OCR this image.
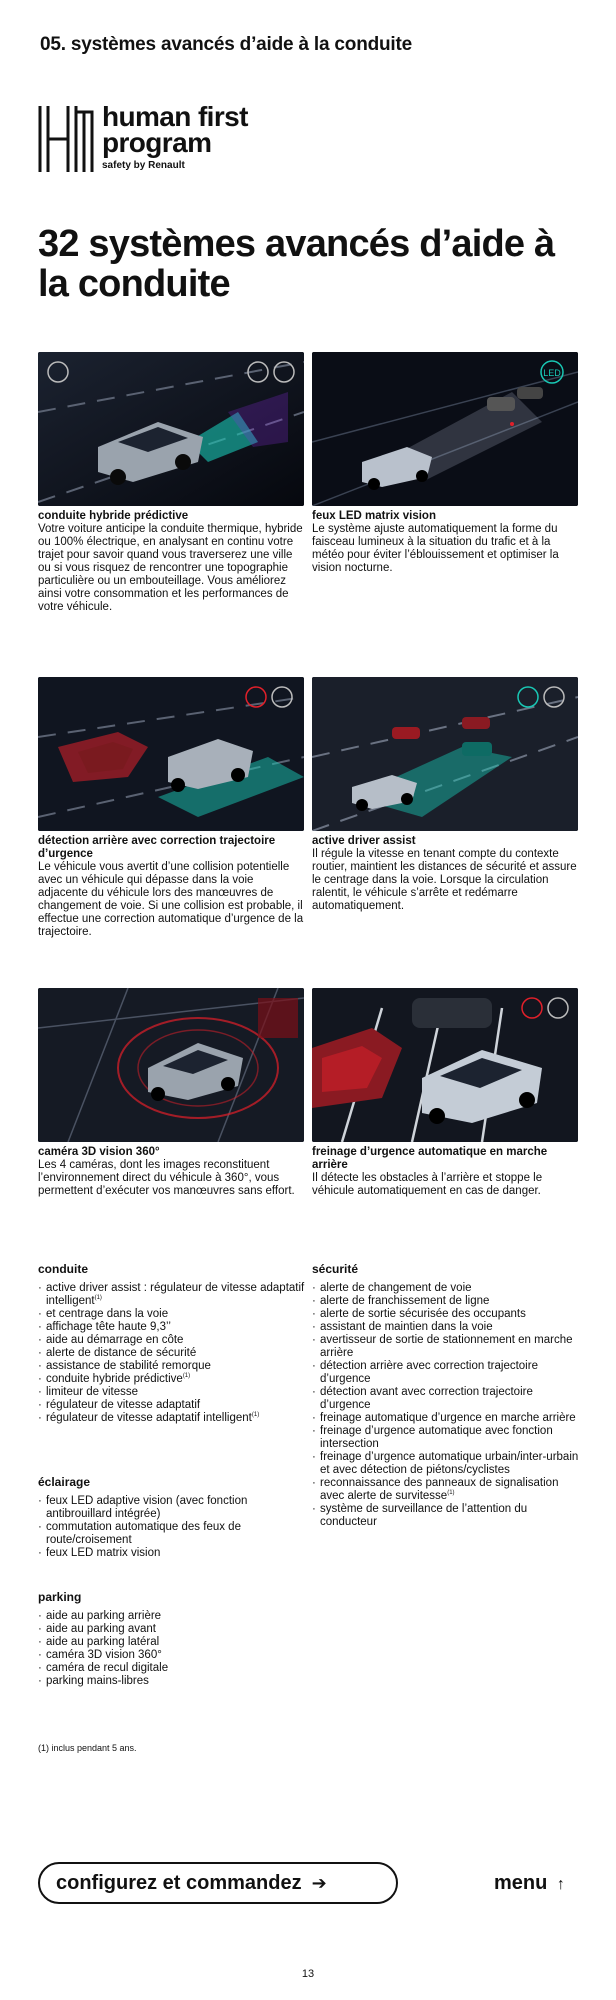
05. systèmes avancés d’aide à la conduite
human first
program
safety by Renault
32 systèmes avancés d’aide à la conduite
conduite hybride prédictive
Votre voiture anticipe la conduite thermique, hybride ou 100% électrique, en analysant en continu votre trajet pour savoir quand vous traverserez une ville ou si vous risquez de rencontrer une topographie particulière ou un embouteillage. Vous améliorez ainsi votre consommation et les performances de votre véhicule.
LED
feux LED matrix vision
Le système ajuste automatiquement la forme du faisceau lumineux à la situation du trafic et à la météo pour éviter l’éblouissement et optimiser la vision nocturne.
détection arrière avec correction trajectoire d’urgence
Le véhicule vous avertit d’une collision potentielle avec un véhicule qui dépasse dans la voie adjacente du véhicule lors des manœuvres de changement de voie. Si une collision est probable, il effectue une correction automatique d’urgence de la trajectoire.
active driver assist
Il régule la vitesse en tenant compte du contexte routier, maintient les distances de sécurité et assure le centrage dans la voie. Lorsque la circulation ralentit, le véhicule s’arrête et redémarre automatiquement.
caméra 3D vision 360°
Les 4 caméras, dont les images reconstituent l’environnement direct du véhicule à 360°, vous permettent d’exécuter vos manœuvres sans effort.
freinage d’urgence automatique en marche arrière
Il détecte les obstacles à l’arrière et stoppe le véhicule automatiquement en cas de danger.
conduite
· active driver assist : régulateur de vitesse adaptatif intelligent$^{(1)}$
· et centrage dans la voie
· affichage tête haute 9,3’’
· aide au démarrage en côte
· alerte de distance de sécurité
· assistance de stabilité remorque
· conduite hybride prédictive$^{(1)}$
· limiteur de vitesse
· régulateur de vitesse adaptatif
· régulateur de vitesse adaptatif intelligent$^{(1)}$
éclairage
· feux LED adaptive vision (avec fonction antibrouillard intégrée)
· commutation automatique des feux de route/croisement
· feux LED matrix vision
parking
· aide au parking arrière
· aide au parking avant
· aide au parking latéral
· caméra 3D vision 360°
· caméra de recul digitale
· parking mains-libres
sécurité
· alerte de changement de voie
· alerte de franchissement de ligne
· alerte de sortie sécurisée des occupants
· assistant de maintien dans la voie
· avertisseur de sortie de stationnement en marche arrière
· détection arrière avec correction trajectoire d’urgence
· détection avant avec correction trajectoire d’urgence
· freinage automatique d’urgence en marche arrière
· freinage d’urgence automatique avec fonction intersection
· freinage d’urgence automatique urbain/inter-urbain et avec détection de piétons/cyclistes
· reconnaissance des panneaux de signalisation avec alerte de survitesse$^{(1)}$
· système de surveillance de l’attention du conducteur
(1) inclus pendant 5 ans.
configurez et commandez ➔	menu ↑
13
